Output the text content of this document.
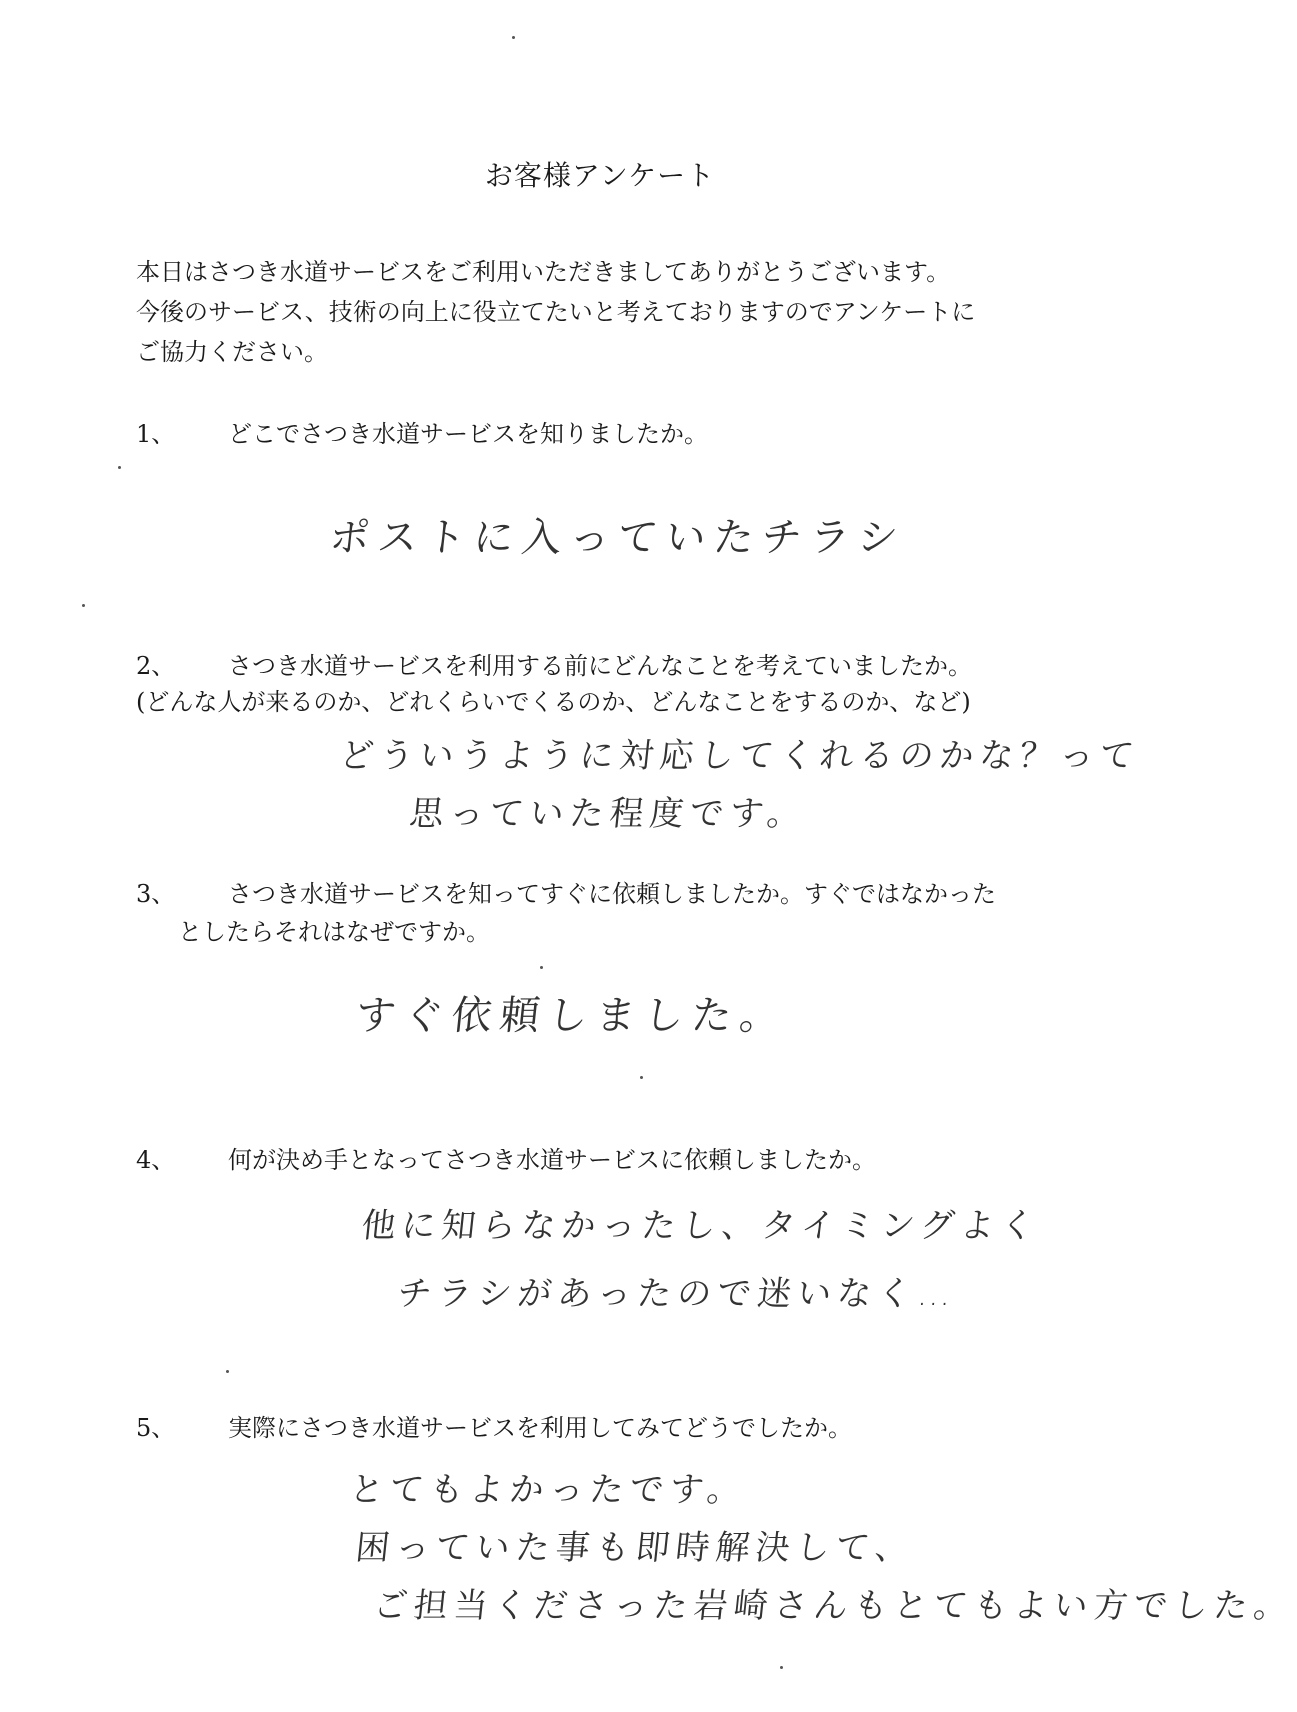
お客様アンケート
本日はさつき水道サービスをご利用いただきましてありがとうございます。
今後のサービス、技術の向上に役立てたいと考えておりますのでアンケートに
ご協力ください。
1、 どこでさつき水道サービスを知りましたか。
ポストに入っていたチラシ
2、 さつき水道サービスを利用する前にどんなことを考えていましたか。
(どんな人が来るのか、どれくらいでくるのか、どんなことをするのか、など)
どういうように対応してくれるのかな？って
思っていた程度です。
3、 さつき水道サービスを知ってすぐに依頼しましたか。すぐではなかった
としたらそれはなぜですか。
すぐ依頼しました。
4、 何が決め手となってさつき水道サービスに依頼しましたか。
他に知らなかったし、タイミングよく
チラシがあったので迷いなく…
5、 実際にさつき水道サービスを利用してみてどうでしたか。
とてもよかったです。
困っていた事も即時解決して、
ご担当くださった岩崎さんもとてもよい方でした。
